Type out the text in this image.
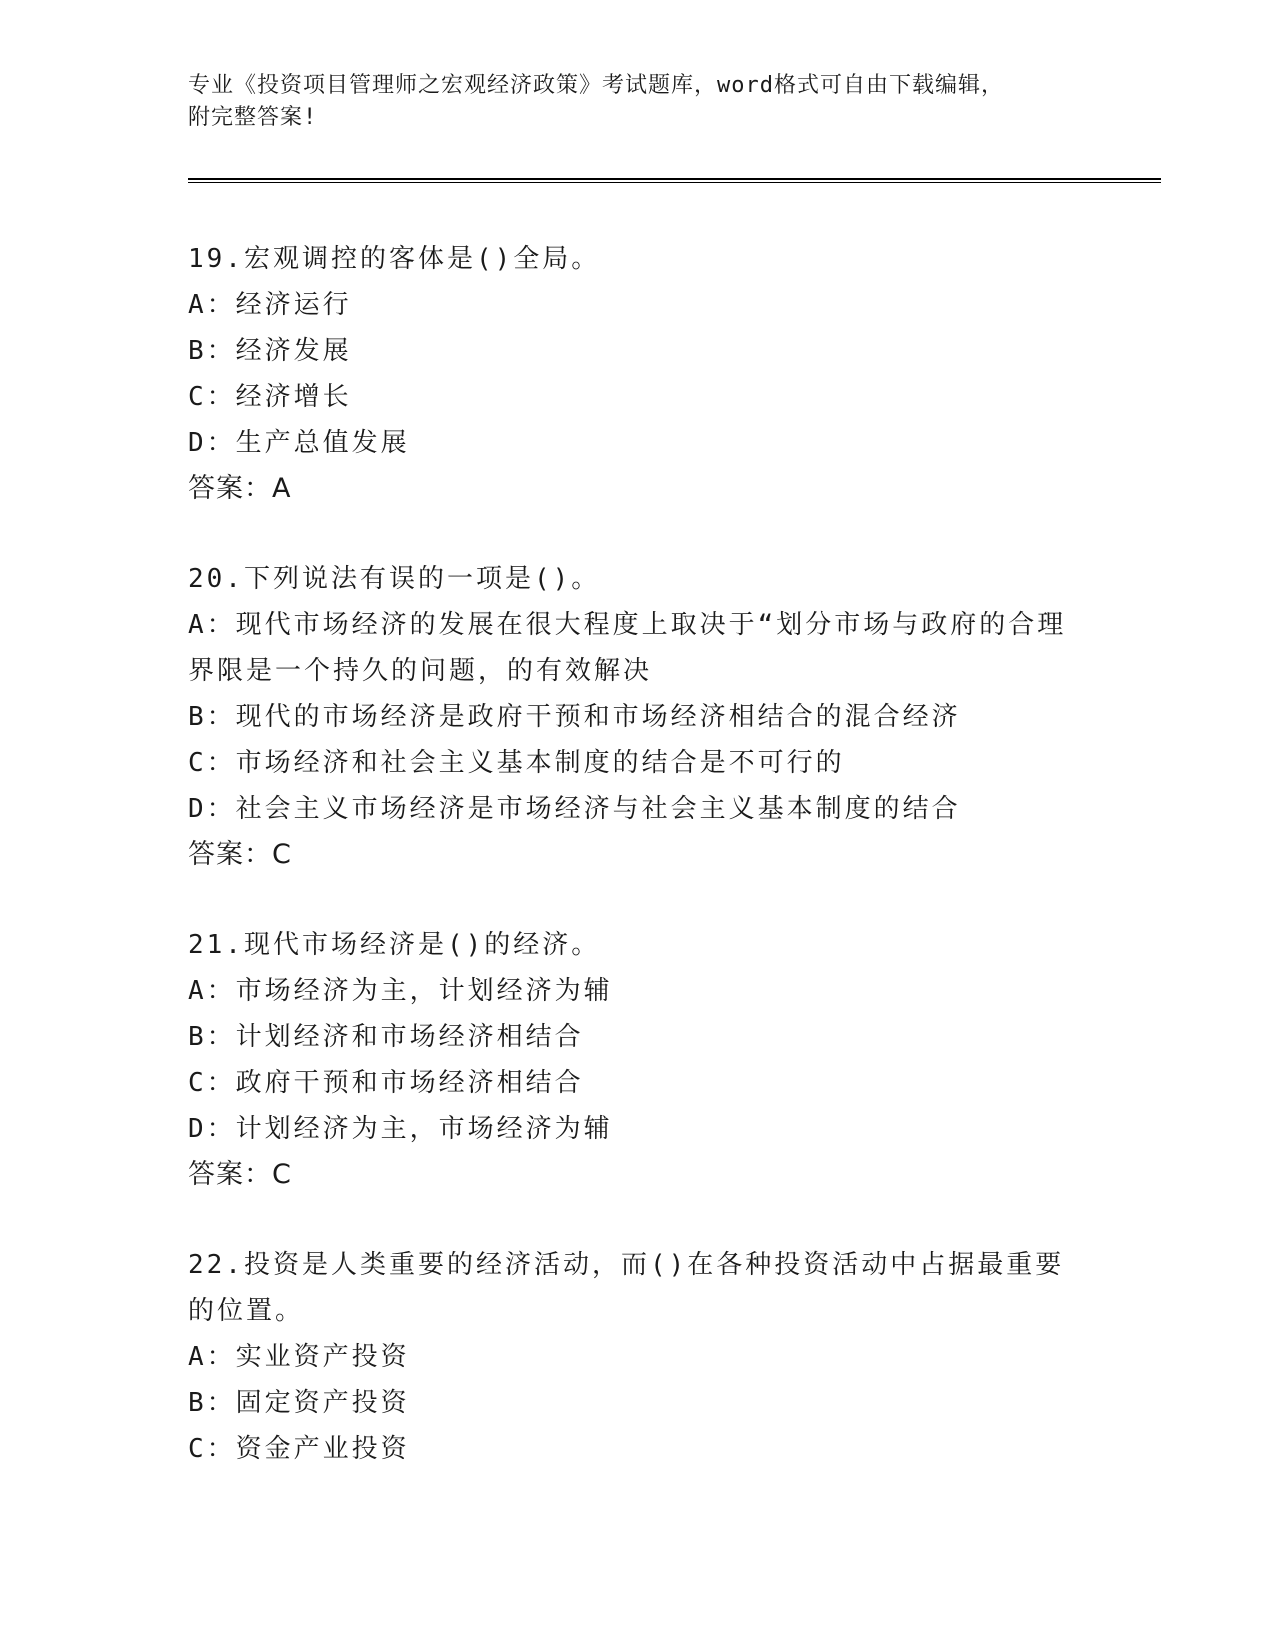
专业《投资项目管理师之宏观经济政策》考试题库，word格式可自由下载编辑，
附完整答案!
19.宏观调控的客体是()全局。
A：经济运行
B：经济发展
C：经济增长
D：生产总值发展
答案：A
20.下列说法有误的一项是()。
A：现代市场经济的发展在很大程度上取决于“划分市场与政府的合理界限是一个持久的问题，的有效解决
B：现代的市场经济是政府干预和市场经济相结合的混合经济
C：市场经济和社会主义基本制度的结合是不可行的
D：社会主义市场经济是市场经济与社会主义基本制度的结合
答案：C
21.现代市场经济是()的经济。
A：市场经济为主，计划经济为辅
B：计划经济和市场经济相结合
C：政府干预和市场经济相结合
D：计划经济为主，市场经济为辅
答案：C
22.投资是人类重要的经济活动，而()在各种投资活动中占据最重要的位置。
A：实业资产投资
B：固定资产投资
C：资金产业投资
